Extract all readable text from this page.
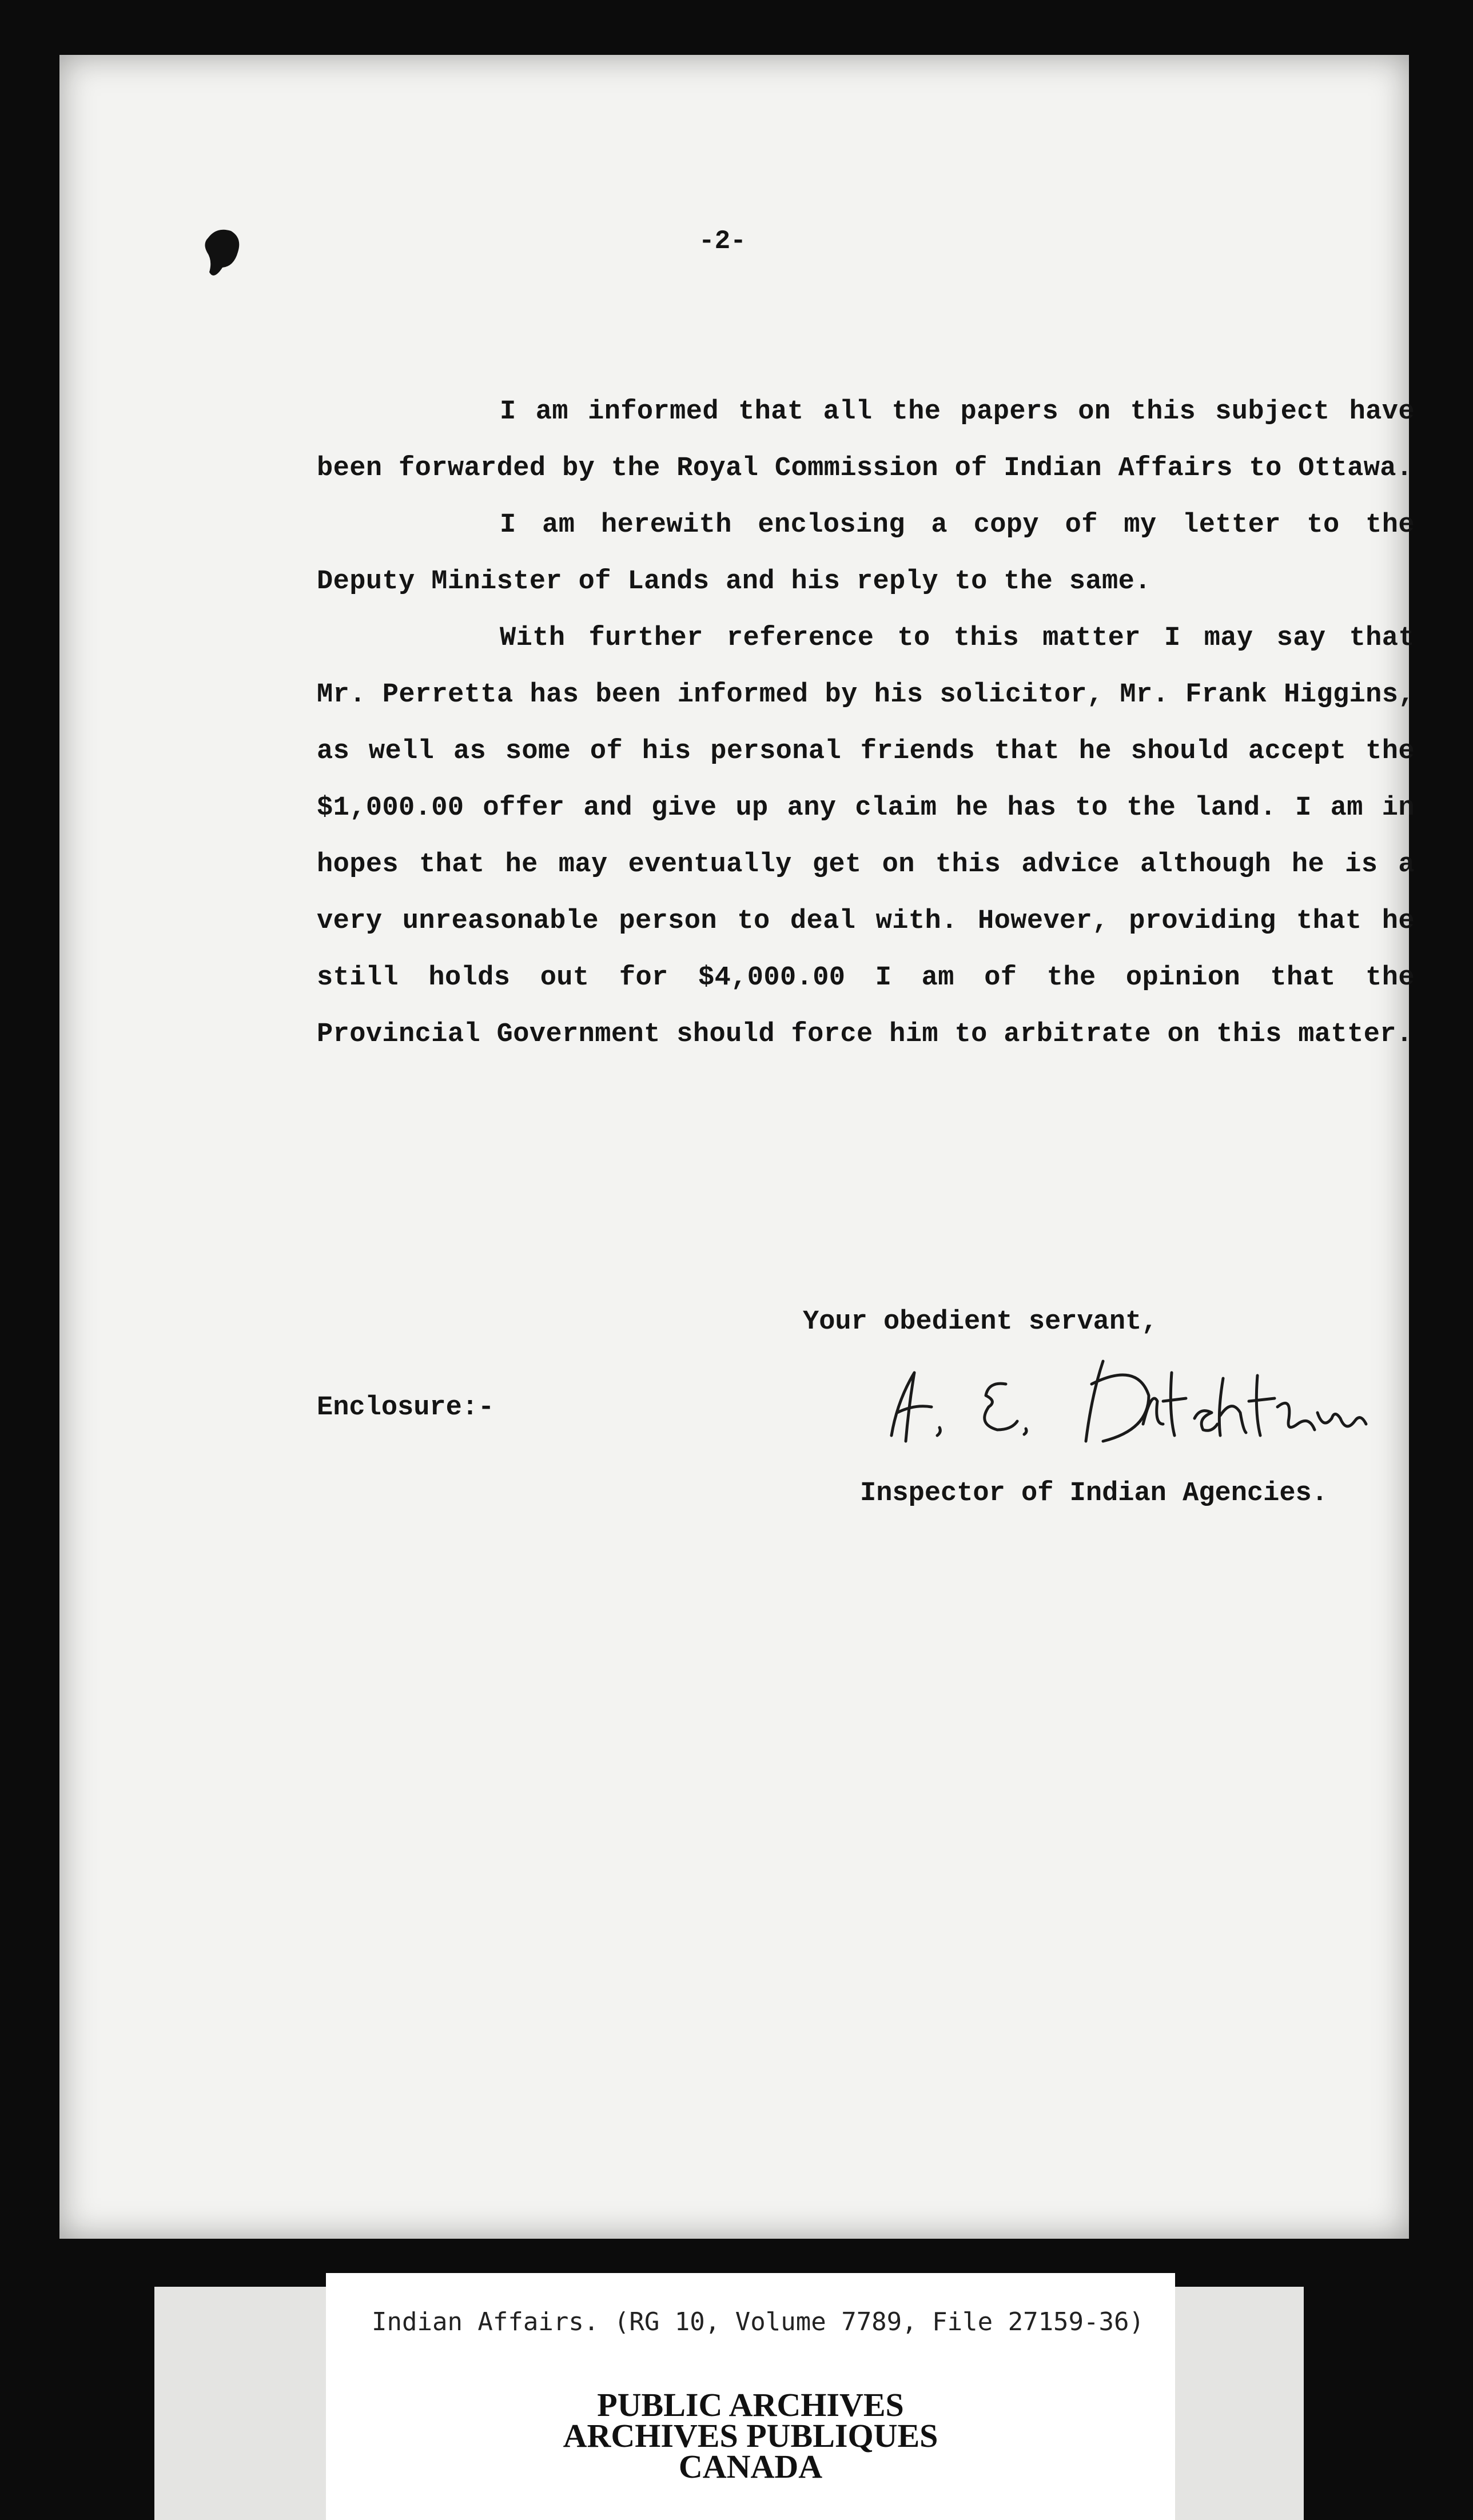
-2-

I am informed that all the papers on this subject have been forwarded by the Royal Commission of Indian Affairs to Ottawa.

I am herewith enclosing a copy of my letter to the Deputy Minister of Lands and his reply to the same.

With further reference to this matter I may say that Mr. Perretta has been informed by his solicitor, Mr. Frank Higgins, as well as some of his personal friends that he should accept the $1,000.00 offer and give up any claim he has to the land. I am in hopes that he may eventually get on this advice although he is a very unreasonable person to deal with. However, providing that he still holds out for $4,000.00 I am of the opinion that the Provincial Government should force him to arbitrate on this matter.

Your obedient servant,
Enclosure:-
Inspector of Indian Agencies.
Indian Affairs. (RG 10, Volume 7789, File 27159-36)
PUBLIC ARCHIVES
ARCHIVES PUBLIQUES
CANADA
